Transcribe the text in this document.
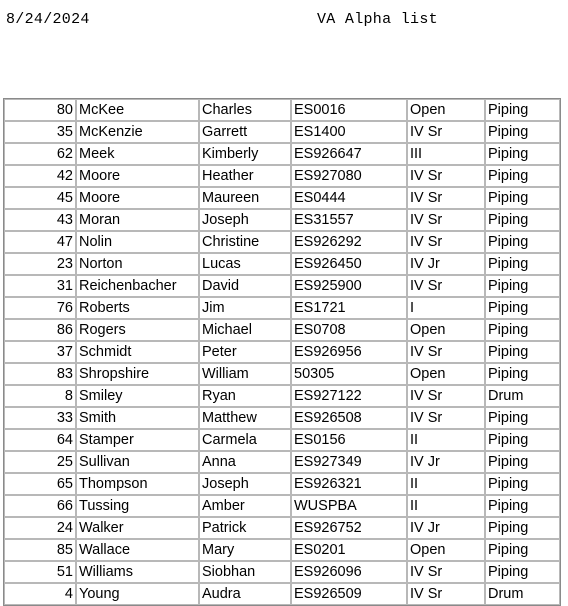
8/24/2024	VA Alpha list
80	McKee	Charles	ES0016	Open	Piping
35	McKenzie	Garrett	ES1400	IV Sr	Piping
62	Meek	Kimberly	ES926647	III	Piping
42	Moore	Heather	ES927080	IV Sr	Piping
45	Moore	Maureen	ES0444	IV Sr	Piping
43	Moran	Joseph	ES31557	IV Sr	Piping
47	Nolin	Christine	ES926292	IV Sr	Piping
23	Norton	Lucas	ES926450	IV Jr	Piping
31	Reichenbacher	David	ES925900	IV Sr	Piping
76	Roberts	Jim	ES1721	I	Piping
86	Rogers	Michael	ES0708	Open	Piping
37	Schmidt	Peter	ES926956	IV Sr	Piping
83	Shropshire	William	50305	Open	Piping
8	Smiley	Ryan	ES927122	IV Sr	Drum
33	Smith	Matthew	ES926508	IV Sr	Piping
64	Stamper	Carmela	ES0156	II	Piping
25	Sullivan	Anna	ES927349	IV Jr	Piping
65	Thompson	Joseph	ES926321	II	Piping
66	Tussing	Amber	WUSPBA	II	Piping
24	Walker	Patrick	ES926752	IV Jr	Piping
85	Wallace	Mary	ES0201	Open	Piping
51	Williams	Siobhan	ES926096	IV Sr	Piping
4	Young	Audra	ES926509	IV Sr	Drum
